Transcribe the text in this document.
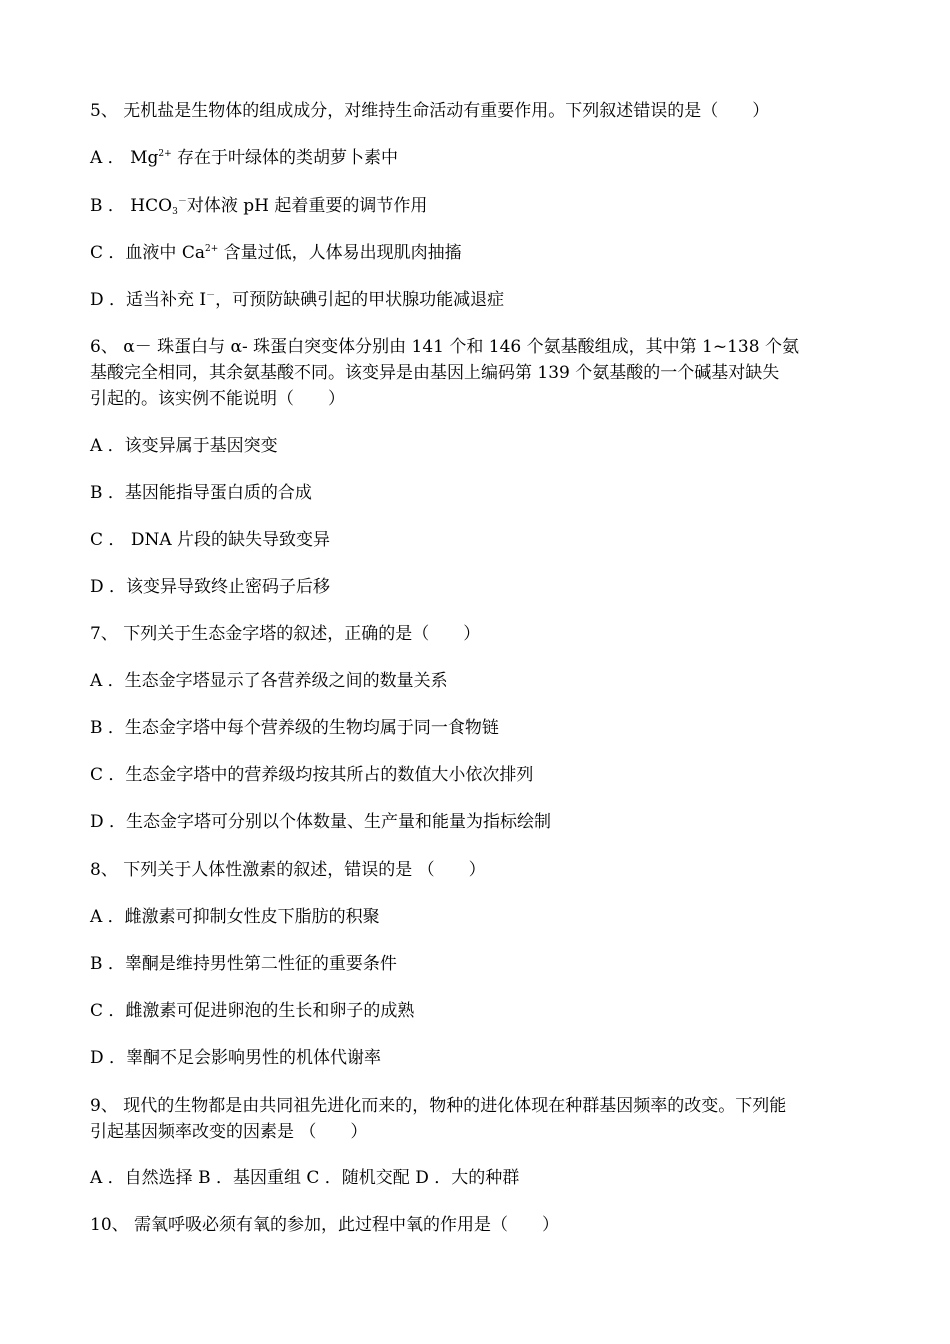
5、 无机盐是生物体的组成成分，对维持生命活动有重要作用。下列叙述错误的是（　　）
A ． $Mg^{2+}$ 存在于叶绿体的类胡萝卜素中
B ． $HCO_3^-$对体液 pH 起着重要的调节作用
C ．血液中 $Ca^{2+}$ 含量过低，人体易出现肌肉抽搐
D ．适当补充 I－，可预防缺碘引起的甲状腺功能减退症
6、 α－ 珠蛋白与 α- 珠蛋白突变体分别由 141 个和 146 个氨基酸组成，其中第 1~138 个氨
基酸完全相同，其余氨基酸不同。该变异是由基因上编码第 139 个氨基酸的一个碱基对缺失
引起的。该实例不能说明（　　）
A ．该变异属于基因突变
B ．基因能指导蛋白质的合成
C ． DNA 片段的缺失导致变异
D ．该变异导致终止密码子后移
7、 下列关于生态金字塔的叙述，正确的是（　　）
A ．生态金字塔显示了各营养级之间的数量关系
B ．生态金字塔中每个营养级的生物均属于同一食物链
C ．生态金字塔中的营养级均按其所占的数值大小依次排列
D ．生态金字塔可分别以个体数量、生产量和能量为指标绘制
8、 下列关于人体性激素的叙述，错误的是 （　　）
A ．雌激素可抑制女性皮下脂肪的积聚
B ．睾酮是维持男性第二性征的重要条件
C ．雌激素可促进卵泡的生长和卵子的成熟
D ．睾酮不足会影响男性的机体代谢率
9、 现代的生物都是由共同祖先进化而来的，物种的进化体现在种群基因频率的改变。下列能
引起基因频率改变的因素是 （　　）
A ．自然选择 B ．基因重组 C ．随机交配 D ．大的种群
10、 需氧呼吸必须有氧的参加，此过程中氧的作用是（　　）
